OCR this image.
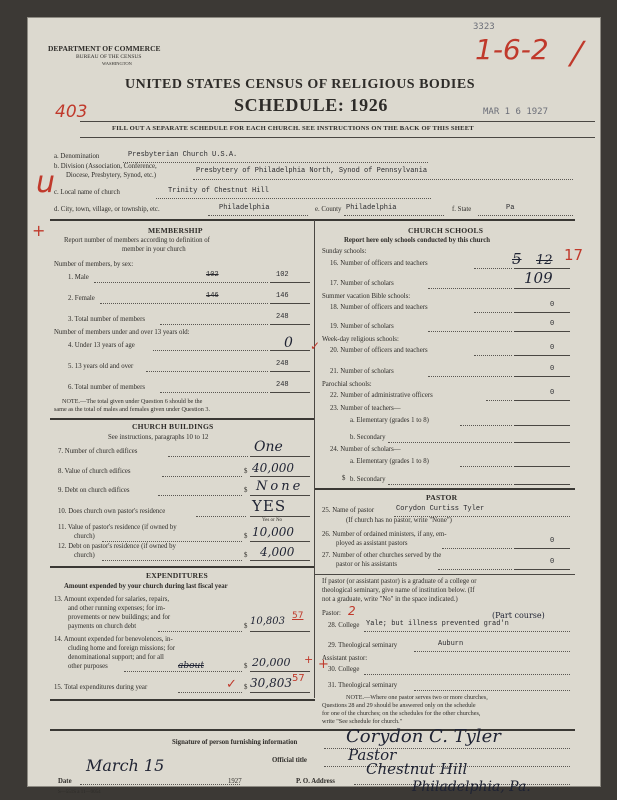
DEPARTMENT OF COMMERCE
BUREAU OF THE CENSUS
WASHINGTON
3323
1-6-2 ⁄
UNITED STATES CENSUS OF RELIGIOUS BODIES
SCHEDULE: 1926
403	MAR 1 6 1927
FILL OUT A SEPARATE SCHEDULE FOR EACH CHURCH. SEE INSTRUCTIONS ON THE BACK OF THIS SHEET
a. Denomination	Presbyterian Church U.S.A.
b. Division (Association, Conference,
Diocese, Presbytery, Synod, etc.)
Presbytery of Philadelphia North, Synod of Pennsylvania
c. Local name of church	Trinity of Chestnut Hill
u
+
d. City, town, village, or township, etc.	Philadelphia	e. County Philadelphia	f. State	Pa
MEMBERSHIP
Report number of members according to definition of
member in your church
Number of members, by sex:
1. Male	102	102
2. Female	146	146
3. Total number of members	248
Number of members under and over 13 years old:
4. Under 13 years of age	0 ✓
5. 13 years old and over	248
6. Total number of members	248
NOTE.—The total given under Question 6 should be the
same as the total of males and females given under Question 3.
CHURCH BUILDINGS
See instructions, paragraphs 10 to 12
7. Number of church edifices	One
8. Value of church edifices	$ 40,000
9. Debt on church edifices	$ None
10. Does church own pastor's residence	YES
Yes or No
11. Value of pastor's residence (if owned by
church)	$ 10,000
12. Debt on pastor's residence (if owned by
church)	$ 4,000
EXPENDITURES
Amount expended by your church during last fiscal year
13. Amount expended for salaries, repairs,
and other running expenses; for im-
provements or new buildings; and for
payments on church debt	$ 10,803 57
14. Amount expended for benevolences, in-
cluding home and foreign missions; for
denominational support; and for all
other purposes	about	$ 20,000 +
15. Total expenditures during year	$ 30,803 57
✓
CHURCH SCHOOLS
Report here only schools conducted by this church
Sunday schools:
16. Number of officers and teachers	5 12 17
17. Number of scholars	109
Summer vacation Bible schools:
18. Number of officers and teachers	0
19. Number of scholars	0
Week-day religious schools:
20. Number of officers and teachers	0
21. Number of scholars	0
Parochial schools:
22. Number of administrative officers	0
23. Number of teachers—
a. Elementary (grades 1 to 8)
b. Secondary
24. Number of scholars—
a. Elementary (grades 1 to 8)
$ b. Secondary
PASTOR
25. Name of pastor	Corydon Curtiss Tyler
(If church has no pastor, write "None")
26. Number of ordained ministers, if any, em-
ployed as assistant pastors	0
27. Number of other churches served by the
pastor or his assistants	0
If pastor (or assistant pastor) is a graduate of a college or
theological seminary, give name of institution below. (If
not a graduate, write "No" in the space indicated.)
Pastor: 2	(Part course)
28. College Yale; but illness prevented grad'n
29. Theological seminary	Auburn
Assistant pastor:
30. College
+
31. Theological seminary
NOTE.—Where one pastor serves two or more churches,
Questions 28 and 29 should be answered only on the schedule
for one of the churches; on the schedules for the other churches,
write "See schedule for church."
Signature of person furnishing information	Corydon C. Tyler
Official title	Pastor
Date
March 15
1927	P. O. Address
Chestnut Hill
Philadelphia, Pa.
S—551S a 11—9054
